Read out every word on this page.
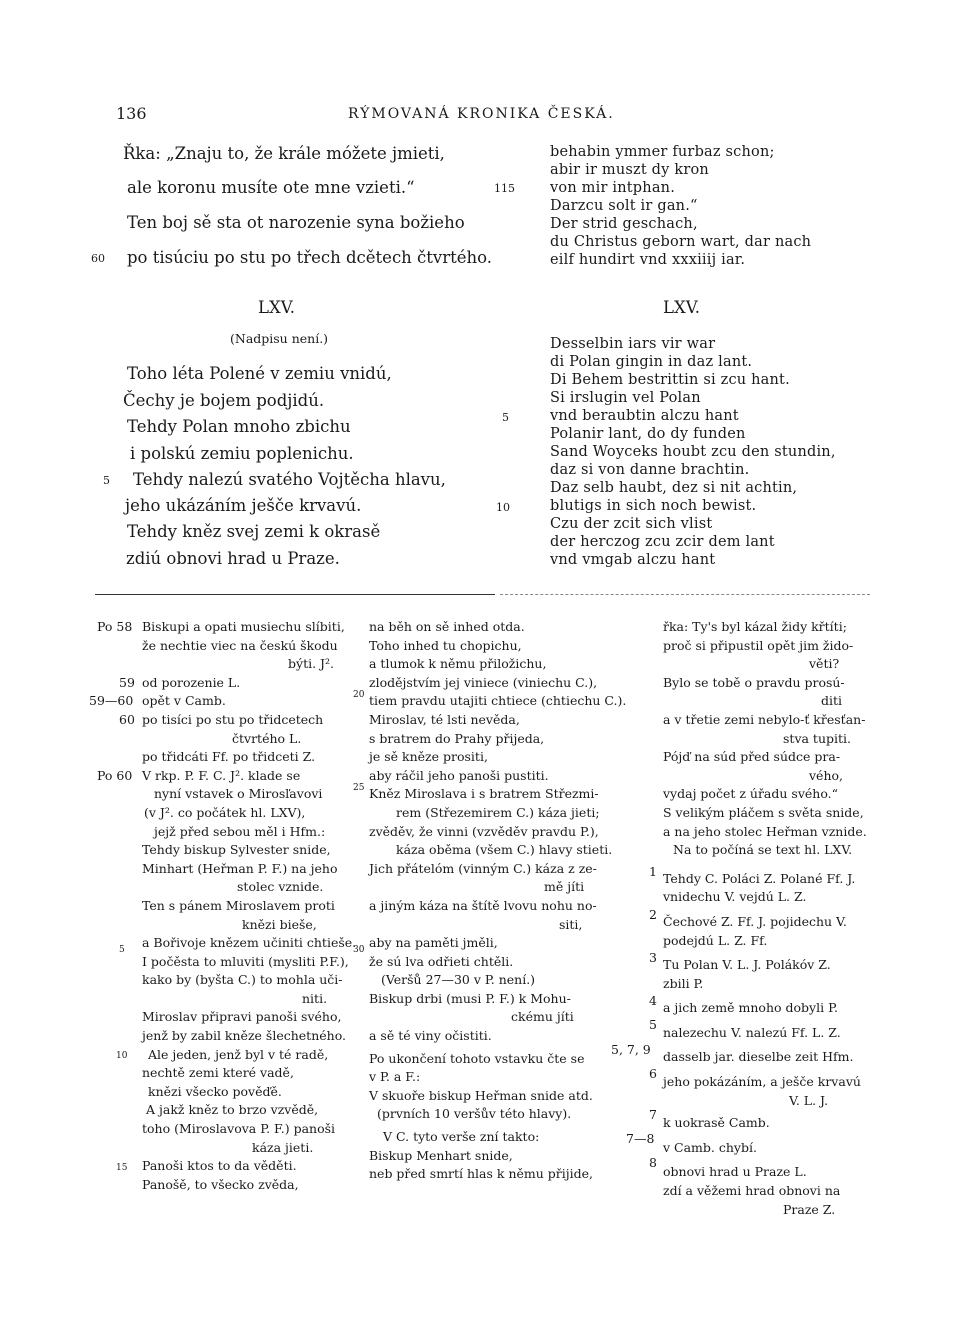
136	RÝMOVANÁ KRONIKA ČESKÁ.
Řka: „Znaju to, že krále móžete jmieti,
ale koronu musíte ote mne vzieti.“
Ten boj sě sta ot narozenie syna božieho
po tisúciu po stu po třech dcětech čtvrtého.
60
behabin ymmer furbaz schon;
abir ir muszt dy kron
von mir intphan.
Darzcu solt ir gan.“
Der strid geschach,
du Christus geborn wart, dar nach
eilf hundirt vnd xxxiiij iar.
115
LXV.
(Nadpisu není.)
Toho léta Polené v zemiu vnidú,
Čechy je bojem podjidú.
Tehdy Polan mnoho zbichu
i polskú zemiu poplenichu.
Tehdy nalezú svatého Vojtěcha hlavu,
jeho ukázáním ješče krvavú.
Tehdy kněz svej zemi k okrasě
zdiú obnovi hrad u Praze.
5
LXV.
Desselbin iars vir war
di Polan gingin in daz lant.
Di Behem bestrittin si zcu hant.
Si irslugin vel Polan
vnd beraubtin alczu hant
Polanir lant, do dy funden
Sand Woyceks houbt zcu den stundin,
daz si von danne brachtin.
Daz selb haubt, dez si nit achtin,
blutigs in sich noch bewist.
Czu der zcit sich vlist
der herczog zcu zcir dem lant
vnd vmgab alczu hant
5
10
Po 58
59
59—60
60
Po 60
5
10
15
Biskupi a opati musiechu slíbiti,
že nechtie viec na českú škodu
býti. J².
od porozenie L.
opět v Camb.
po tisíci po stu po třidcetech
čtvrtého L.
po třidcáti Ff. po třidceti Z.
V rkp. P. F. C. J². klade se
nyní vstavek o Mirosľavovi
(v J². co počátek hl. LXV),
jejž před sebou měl i Hfm.:
Tehdy biskup Sylvester snide,
Minhart (Heřman P. F.) na jeho
stolec vznide.
Ten s pánem Miroslavem proti
knězi bieše,
a Bořivoje knězem učiniti chtieše.
I počěsta to mluviti (mysliti P.F.),
kako by (byšta C.) to mohla uči-
niti.
Miroslav připravi panoši svého,
jenž by zabil kněze šlechetného.
Ale jeden, jenž byl v té radě,
nechtě zemi které vadě,
knězi všecko pověďě.
A jakž kněz to brzo vzvědě,
toho (Miroslavova P. F.) panoši
káza jieti.
Panoši ktos to da věděti.
Panošě, to všecko zvěda,
20
25
30
na běh on sě inhed otda.
Toho inhed tu chopichu,
a tlumok k němu přiložichu,
zlodějstvím jej viniece (viniechu C.),
tiem pravdu utajiti chtiece (chtiechu C.).
Miroslav, té lsti nevěda,
s bratrem do Prahy přijeda,
je sě kněze prositi,
aby ráčil jeho panoši pustiti.
Kněz Miroslava i s bratrem Střezmi-
rem (Střezemirem C.) káza jieti;
zvěděv, že vinni (vzvěděv pravdu P.),
káza oběma (všem C.) hlavy stieti.
Jich přátelóm (vinným C.) káza z ze-
mě jíti
a jiným káza na štítě lvovu nohu no-
siti,
aby na paměti jměli,
že sú lva odřieti chtěli.
(Veršů 27—30 v P. není.)
Biskup drbi (musi P. F.) k Mohu-
ckému jíti
a sě té viny očistiti.
Po ukončení tohoto vstavku čte se
v P. a F.:
V skuoře biskup Heřman snide atd.
(prvních 10 veršův této hlavy).
V C. tyto verše zní takto:
Biskup Menhart snide,
neb před smrtí hlas k němu přijide,
řka: Ty's byl kázal židy křtíti;
proč si připustil opět jim žido-
věti?
Bylo se tobě o pravdu prosú-
diti
a v třetie zemi nebylo-ť křesťan-
stva tupiti.
Pójď na súd před súdce pra-
vého,
vydaj počet z úřadu svého.“
S velikým pláčem s světa snide,
a na jeho stolec Heřman vznide.
Na to počíná se text hl. LXV.
Tehdy C. Poláci Z. Polané Ff. J.
vnidechu V. vejdú L. Z.
Čechové Z. Ff. J. pojidechu V.
podejdú L. Z. Ff.
Tu Polan V. L. J. Polákóv Z.
zbili P.
a jich země mnoho dobyli P.
nalezechu V. nalezú Ff. L. Z.
dasselb jar. dieselbe zeit Hfm.
jeho pokázáním, a ješče krvavú
V. L. J.
k uokrasě Camb.
v Camb. chybí.
obnovi hrad u Praze L.
zdí a věžemi hrad obnovi na
Praze Z.
1
2
3
4
5
5, 7, 9
6
7
7—8
8
